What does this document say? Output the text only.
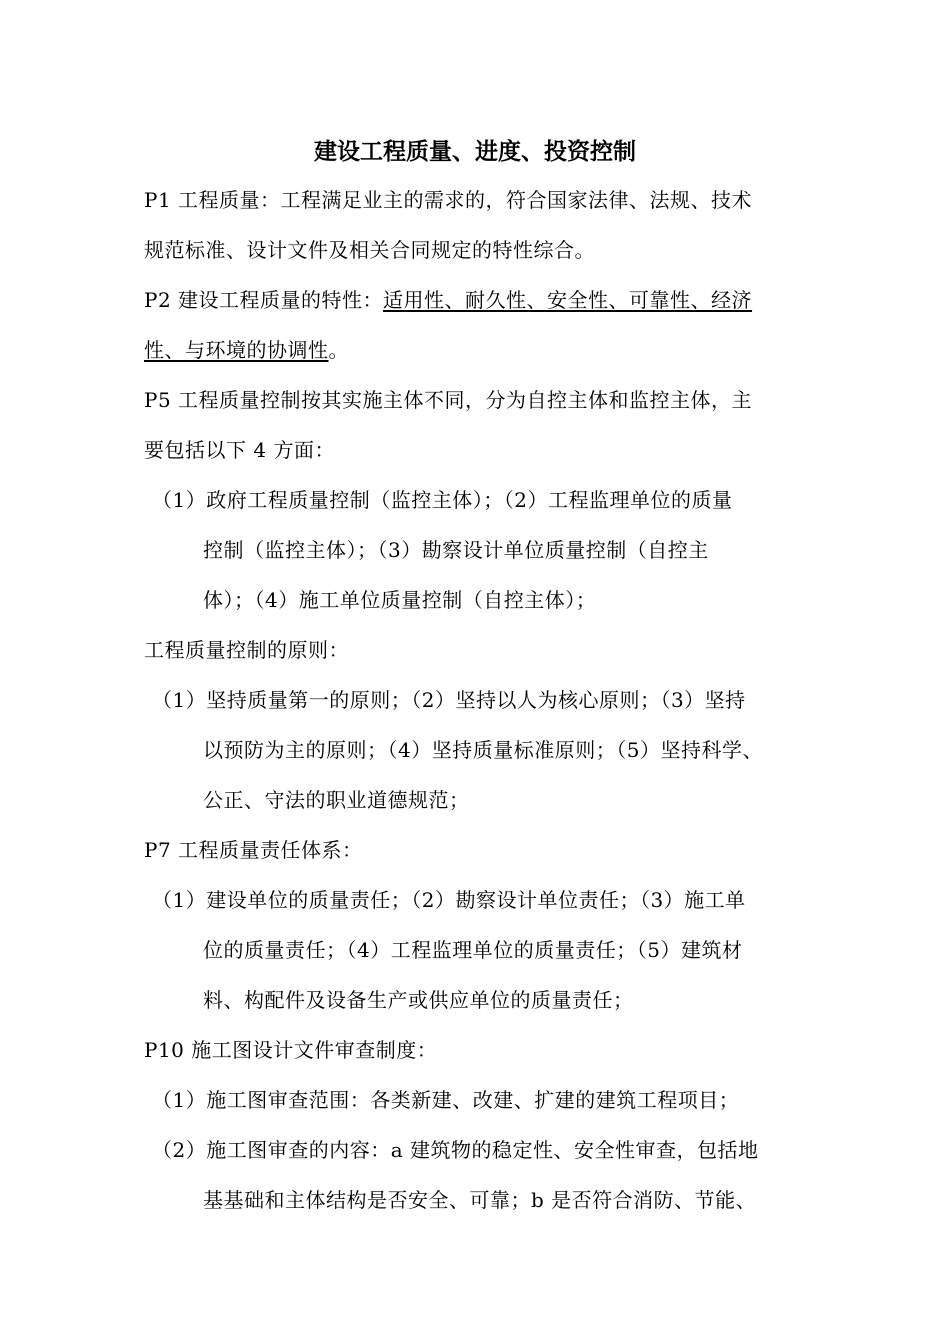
建设工程质量、进度、投资控制
P1 工程质量：工程满足业主的需求的，符合国家法律、法规、技术
规范标准、设计文件及相关合同规定的特性综合。
P2 建设工程质量的特性：适用性、耐久性、安全性、可靠性、经济
性、与环境的协调性。
P5 工程质量控制按其实施主体不同，分为自控主体和监控主体，主
要包括以下 4 方面：
（1）政府工程质量控制（监控主体）；（2）工程监理单位的质量
控制（监控主体）；（3）勘察设计单位质量控制（自控主
体）；（4）施工单位质量控制（自控主体）；
工程质量控制的原则：
（1）坚持质量第一的原则；（2）坚持以人为核心原则；（3）坚持
以预防为主的原则；（4）坚持质量标准原则；（5）坚持科学、
公正、守法的职业道德规范；
P7 工程质量责任体系：
（1）建设单位的质量责任；（2）勘察设计单位责任；（3）施工单
位的质量责任；（4）工程监理单位的质量责任；（5）建筑材
料、构配件及设备生产或供应单位的质量责任；
P10 施工图设计文件审查制度：
（1）施工图审查范围：各类新建、改建、扩建的建筑工程项目；
（2）施工图审查的内容：a 建筑物的稳定性、安全性审查，包括地
基基础和主体结构是否安全、可靠；b 是否符合消防、节能、
